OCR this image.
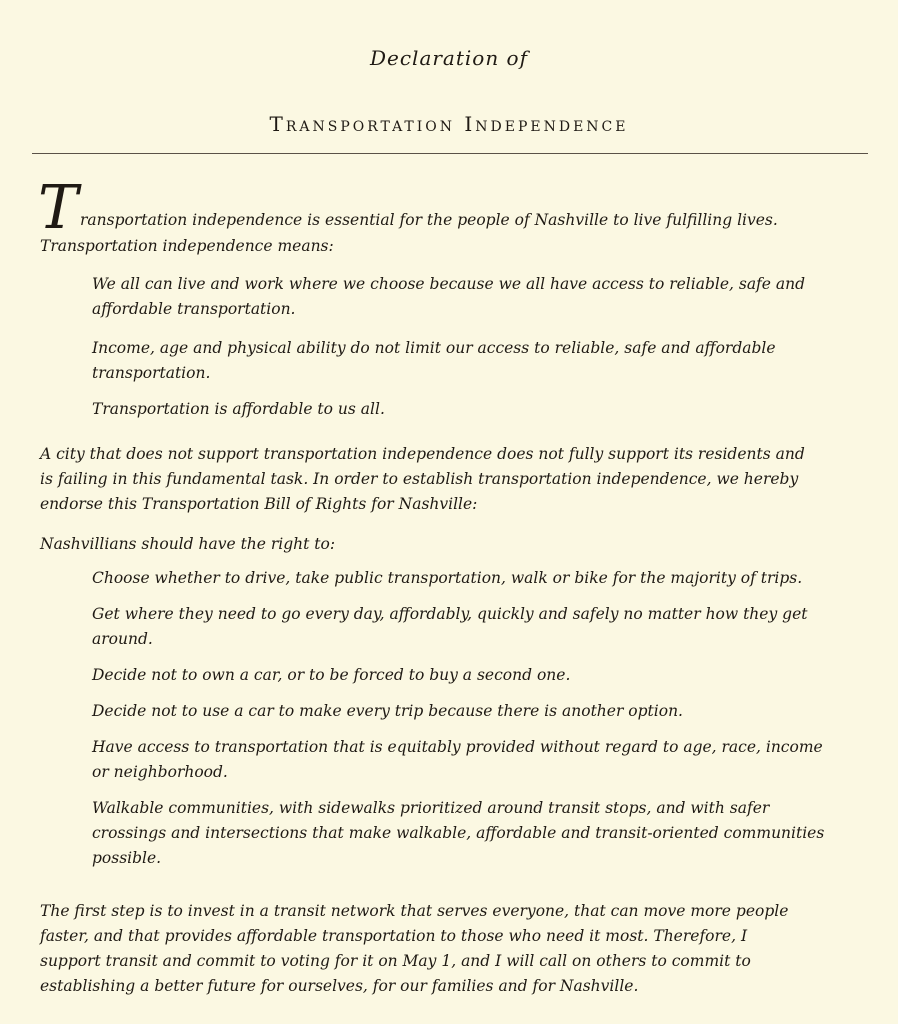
Declaration of
Transportation Independence
T ransportation independence is essential for the people of Nashville to live fulfilling lives.
Transportation independence means:
We all can live and work where we choose because we all have access to reliable, safe and
affordable transportation.
Income, age and physical ability do not limit our access to reliable, safe and affordable
transportation.
Transportation is affordable to us all.
A city that does not support transportation independence does not fully support its residents and
is failing in this fundamental task. In order to establish transportation independence, we hereby
endorse this Transportation Bill of Rights for Nashville:
Nashvillians should have the right to:
Choose whether to drive, take public transportation, walk or bike for the majority of trips.
Get where they need to go every day, affordably, quickly and safely no matter how they get
around.
Decide not to own a car, or to be forced to buy a second one.
Decide not to use a car to make every trip because there is another option.
Have access to transportation that is equitably provided without regard to age, race, income
or neighborhood.
Walkable communities, with sidewalks prioritized around transit stops, and with safer
crossings and intersections that make walkable, affordable and transit-oriented communities
possible.
The first step is to invest in a transit network that serves everyone, that can move more people
faster, and that provides affordable transportation to those who need it most. Therefore, I
support transit and commit to voting for it on May 1, and I will call on others to commit to
establishing a better future for ourselves, for our families and for Nashville.
